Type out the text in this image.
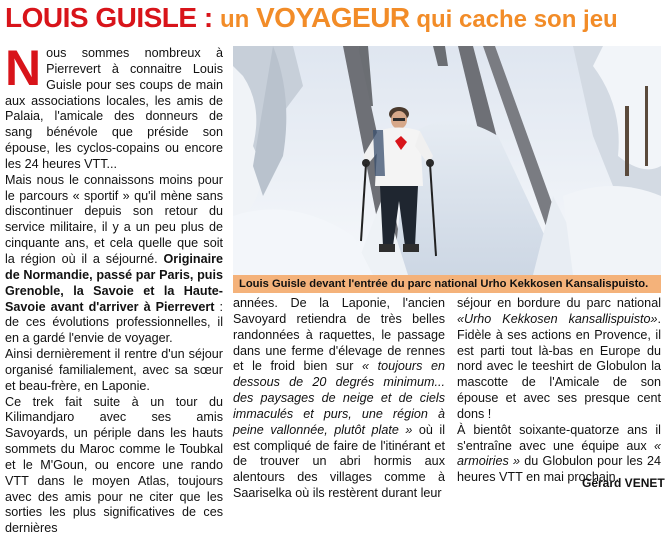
LOUIS GUISLE : un VOYAGEUR qui cache son jeu
N ous sommes nombreux à Pierrevert à connaitre Louis Guisle pour ses coups de main aux associations locales, les amis de Palaia, l'amicale des donneurs de sang bénévole que préside son épouse, les cyclos-copains ou encore les 24 heures VTT...

Mais nous le connaissons moins pour le parcours « sportif » qu'il mène sans discontinuer depuis son retour du service militaire, il y a un peu plus de cinquante ans, et cela quelle que soit la région où il a séjourné. Originaire de Normandie, passé par Paris, puis Grenoble, la Savoie et la Haute-Savoie avant d'arriver à Pierrevert : de ces évolutions professionnelles, il en a gardé l'envie de voyager.

Ainsi dernièrement il rentre d'un séjour organisé familialement, avec sa sœur et beau-frère, en Laponie.

Ce trek fait suite à un tour du Kilimandjaro avec ses amis Savoyards, un périple dans les hauts sommets du Maroc comme le Toubkal et le M'Goun, ou encore une rando VTT dans le moyen Atlas, toujours avec des amis pour ne citer que les sorties les plus significatives de ces dernières

Louis Guisle devant l'entrée du parc national Urho Kekkosen Kansalispuisto.

années. De la Laponie, l'ancien Savoyard retiendra de très belles randonnées à raquettes, le passage dans une ferme d'élevage de rennes et le froid bien sur « toujours en dessous de 20 degrés minimum... des paysages de neige et de ciels immaculés et purs, une région à peine vallonnée, plutôt plate » où il est compliqué de faire de l'itinérant et de trouver un abri hormis aux alentours des villages comme à Saariselka où ils restèrent durant leur

séjour en bordure du parc national «Urho Kekkosen kansallispuisto». Fidèle à ses actions en Provence, il est parti tout là-bas en Europe du nord avec le teeshirt de Globulon la mascotte de l'Amicale de son épouse et avec ses presque cent dons !

À bientôt soixante-quatorze ans il s'entraîne avec une équipe aux « armoiries » du Globulon pour les 24 heures VTT en mai prochain.

Gérard VENET
